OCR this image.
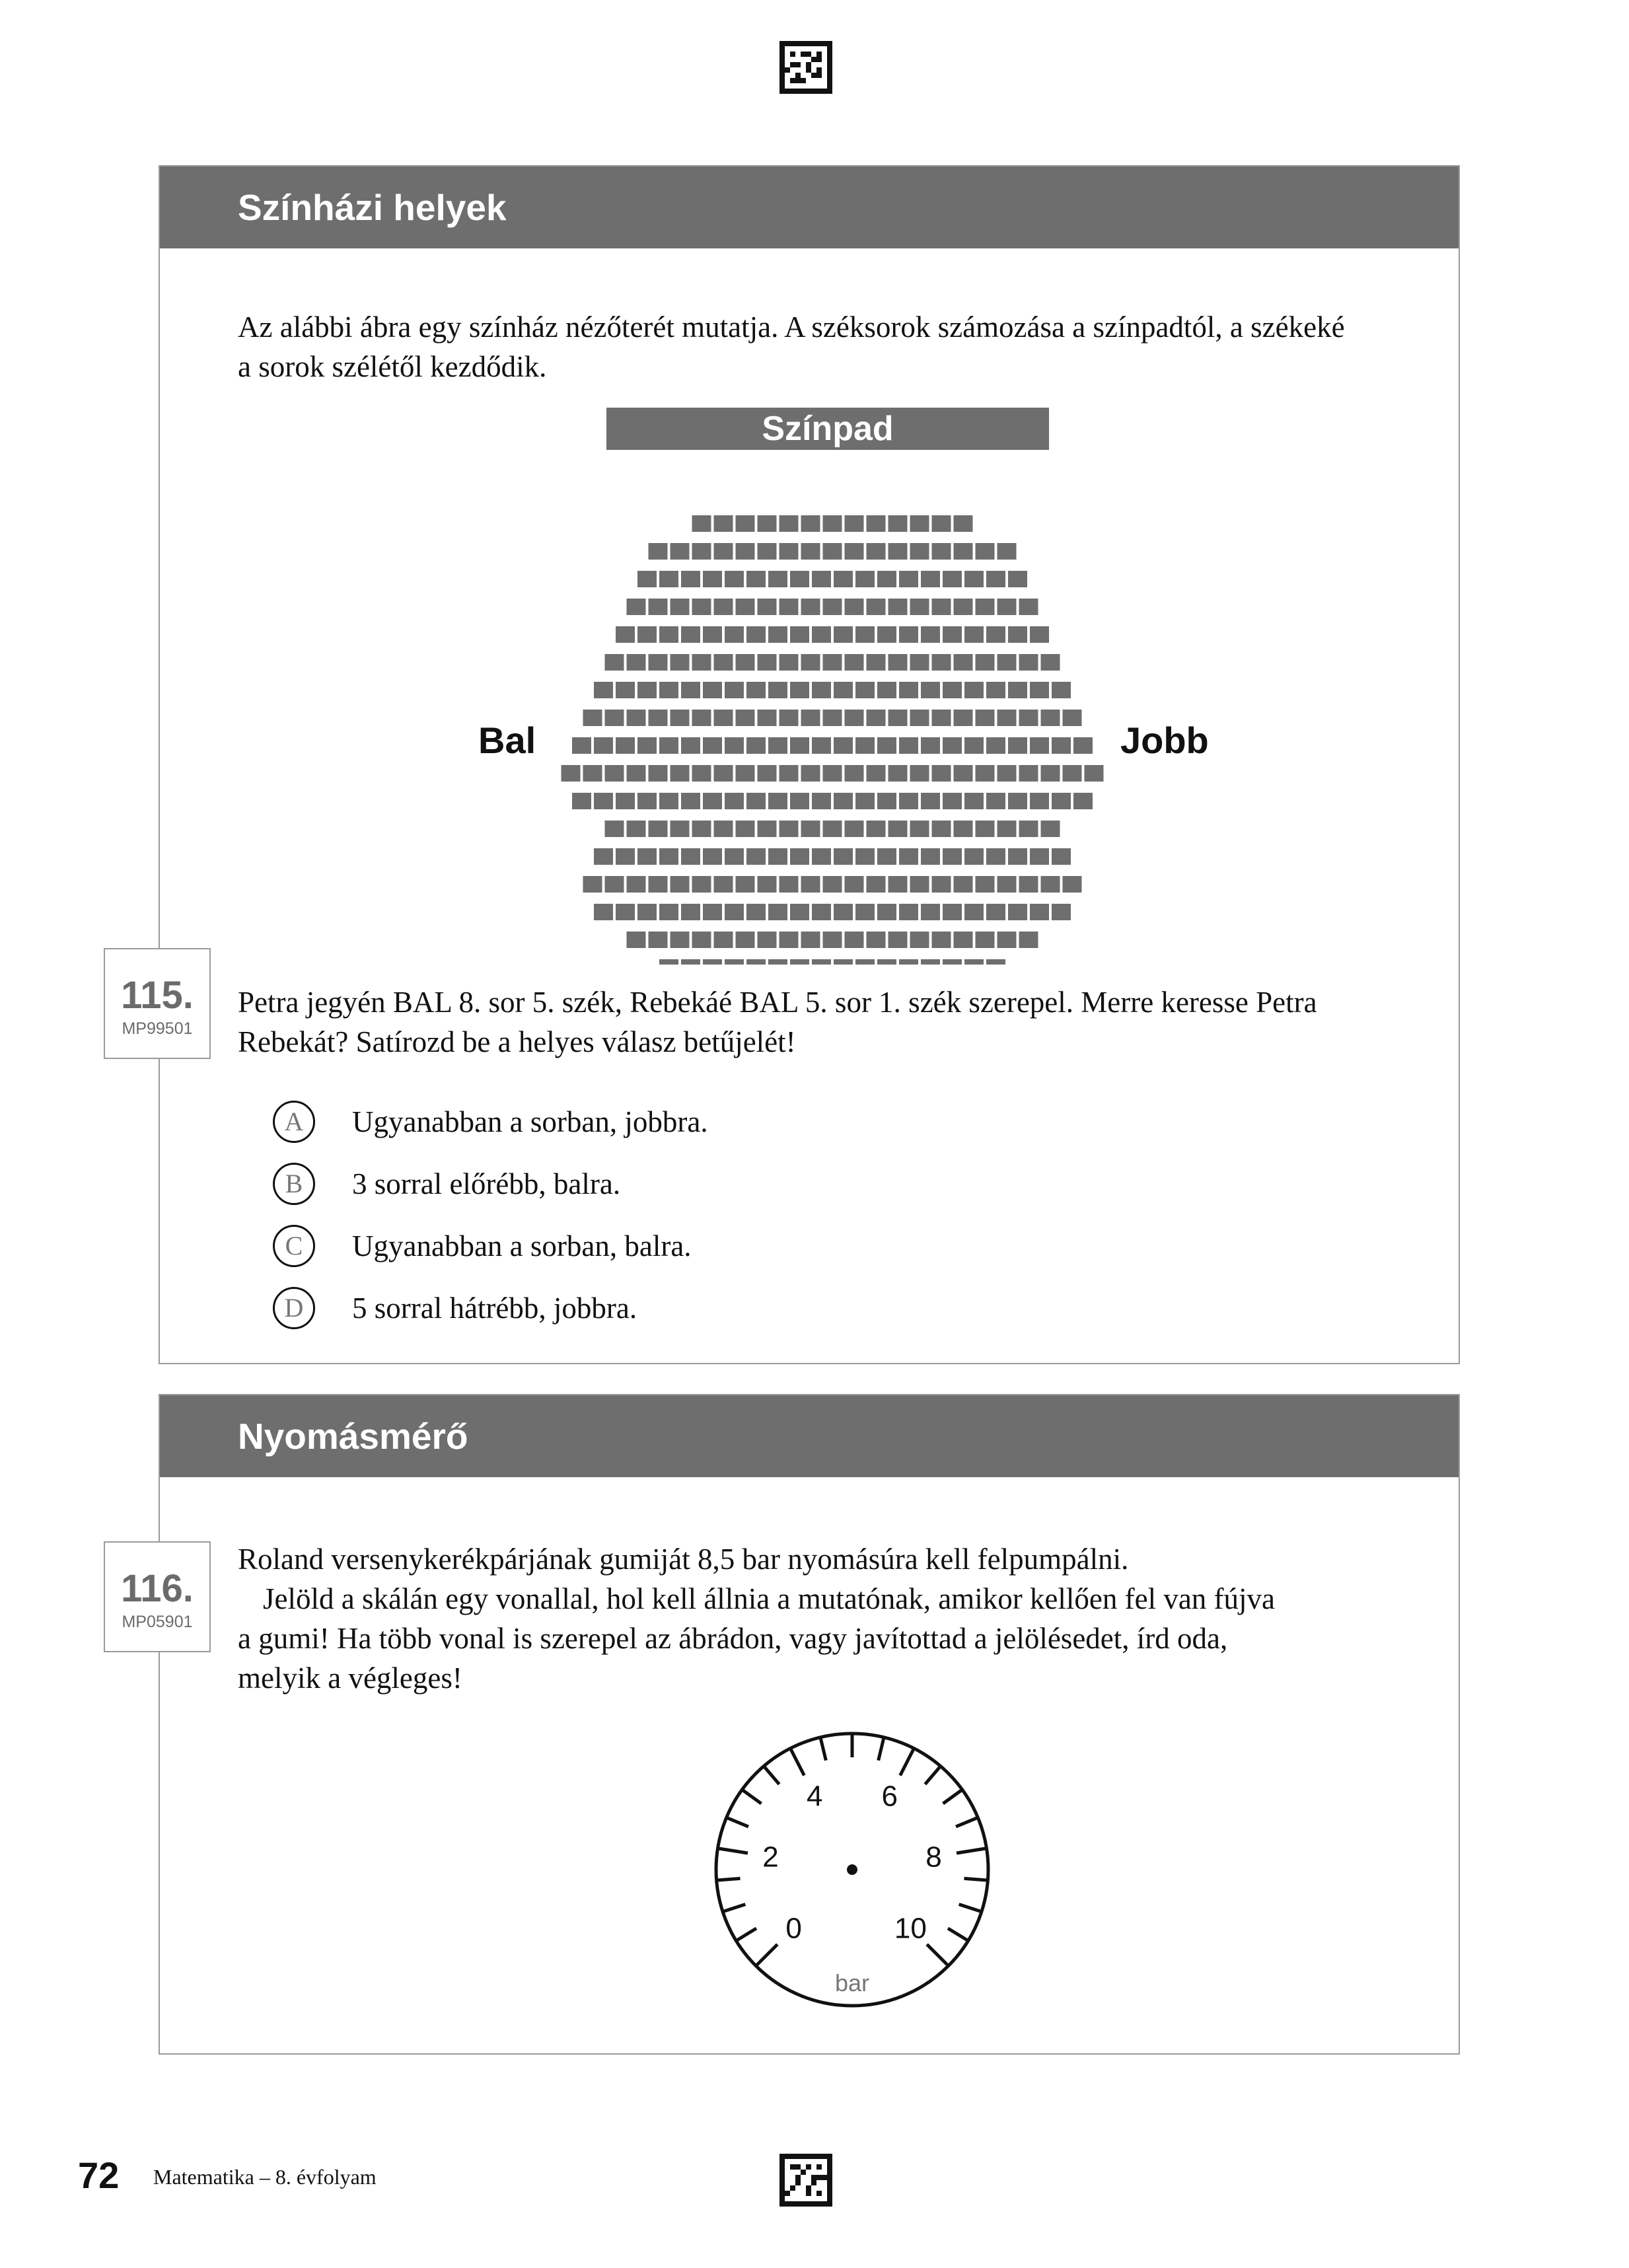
Színházi helyek
Az alábbi ábra egy színház nézőterét mutatja. A széksorok számozása a színpadtól, a székeké
a sorok szélétől kezdődik.
Színpad
Bal	Jobb
115.
MP99501
Petra jegyén BAL 8. sor 5. szék, Rebekáé BAL 5. sor 1. szék szerepel. Merre keresse Petra
Rebekát? Satírozd be a helyes válasz betűjelét!
A	Ugyanabban a sorban, jobbra.
B	3 sorral előrébb, balra.
C	Ugyanabban a sorban, balra.
D	5 sorral hátrébb, jobbra.
Nyomásmérő
116.
MP05901
Roland versenykerékpárjának gumiját 8,5 bar nyomásúra kell felpumpálni.
Jelöld a skálán egy vonallal, hol kell állnia a mutatónak, amikor kellően fel van fújva
a gumi! Ha több vonal is szerepel az ábrádon, vagy javítottad a jelölésedet, írd oda,
melyik a végleges!
0
2
4 6
8
10
bar
72 Matematika – 8. évfolyam
